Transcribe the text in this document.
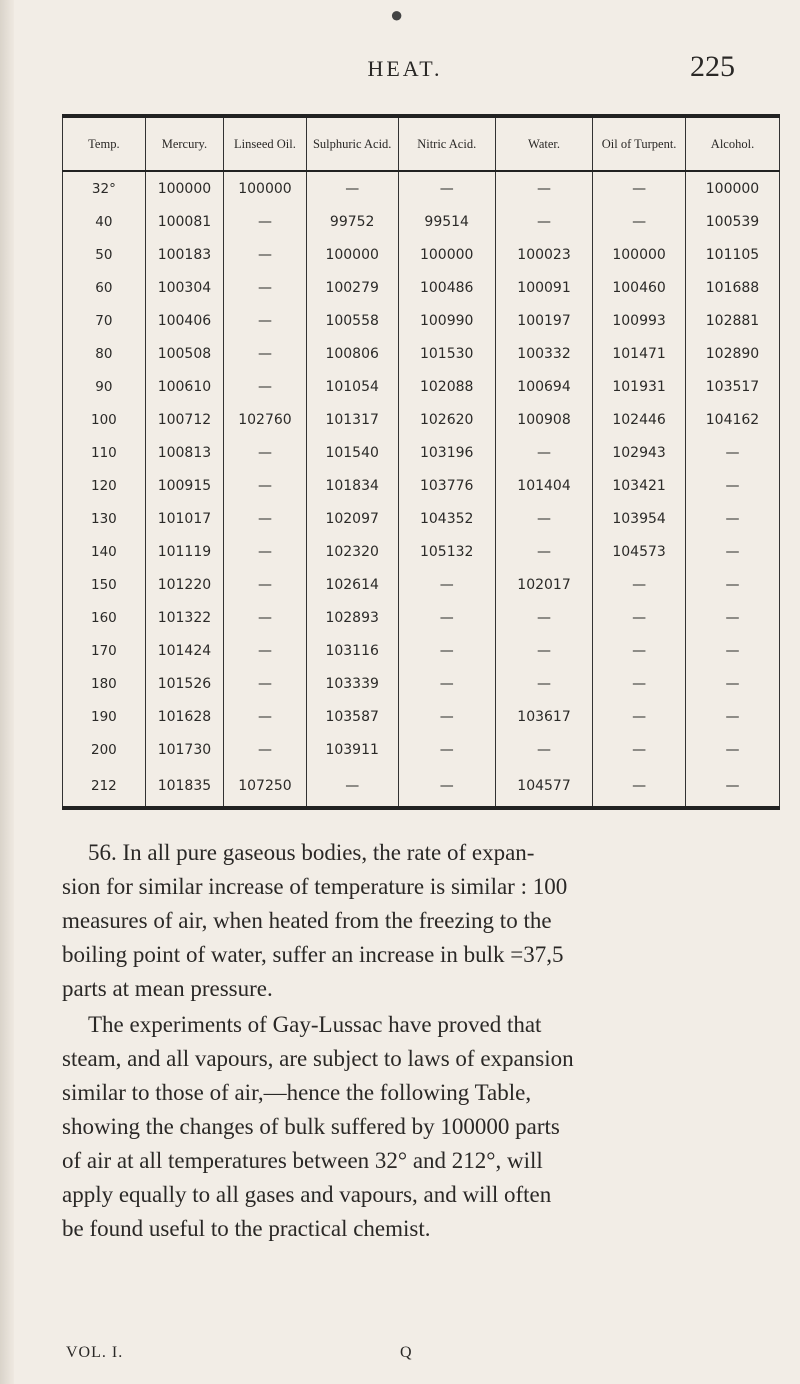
●
HEAT.	225
Temp.	Mercury.	Linseed Oil.	Sulphuric Acid.	Nitric Acid.	Water.	Oil of Turpent.	Alcohol.
32°	100000	100000	—	—	—	—	100000
40	100081	—	99752	99514	—	—	100539
50	100183	—	100000	100000	100023	100000	101105
60	100304	—	100279	100486	100091	100460	101688
70	100406	—	100558	100990	100197	100993	102881
80	100508	—	100806	101530	100332	101471	102890
90	100610	—	101054	102088	100694	101931	103517
100	100712	102760	101317	102620	100908	102446	104162
110	100813	—	101540	103196	—	102943	—
120	100915	—	101834	103776	101404	103421	—
130	101017	—	102097	104352	—	103954	—
140	101119	—	102320	105132	—	104573	—
150	101220	—	102614	—	102017	—	—
160	101322	—	102893	—	—	—	—
170	101424	—	103116	—	—	—	—
180	101526	—	103339	—	—	—	—
190	101628	—	103587	—	103617	—	—
200	101730	—	103911	—	—	—	—
212	101835	107250	—	—	104577	—	—
56. In all pure gaseous bodies, the rate of expan-
sion for similar increase of temperature is similar : 100
measures of air, when heated from the freezing to the
boiling point of water, suffer an increase in bulk =37,5
parts at mean pressure.
The experiments of Gay-Lussac have proved that
steam, and all vapours, are subject to laws of expansion
similar to those of air,—hence the following Table,
showing the changes of bulk suffered by 100000 parts
of air at all temperatures between 32° and 212°, will
apply equally to all gases and vapours, and will often
be found useful to the practical chemist.
VOL. I.	Q
